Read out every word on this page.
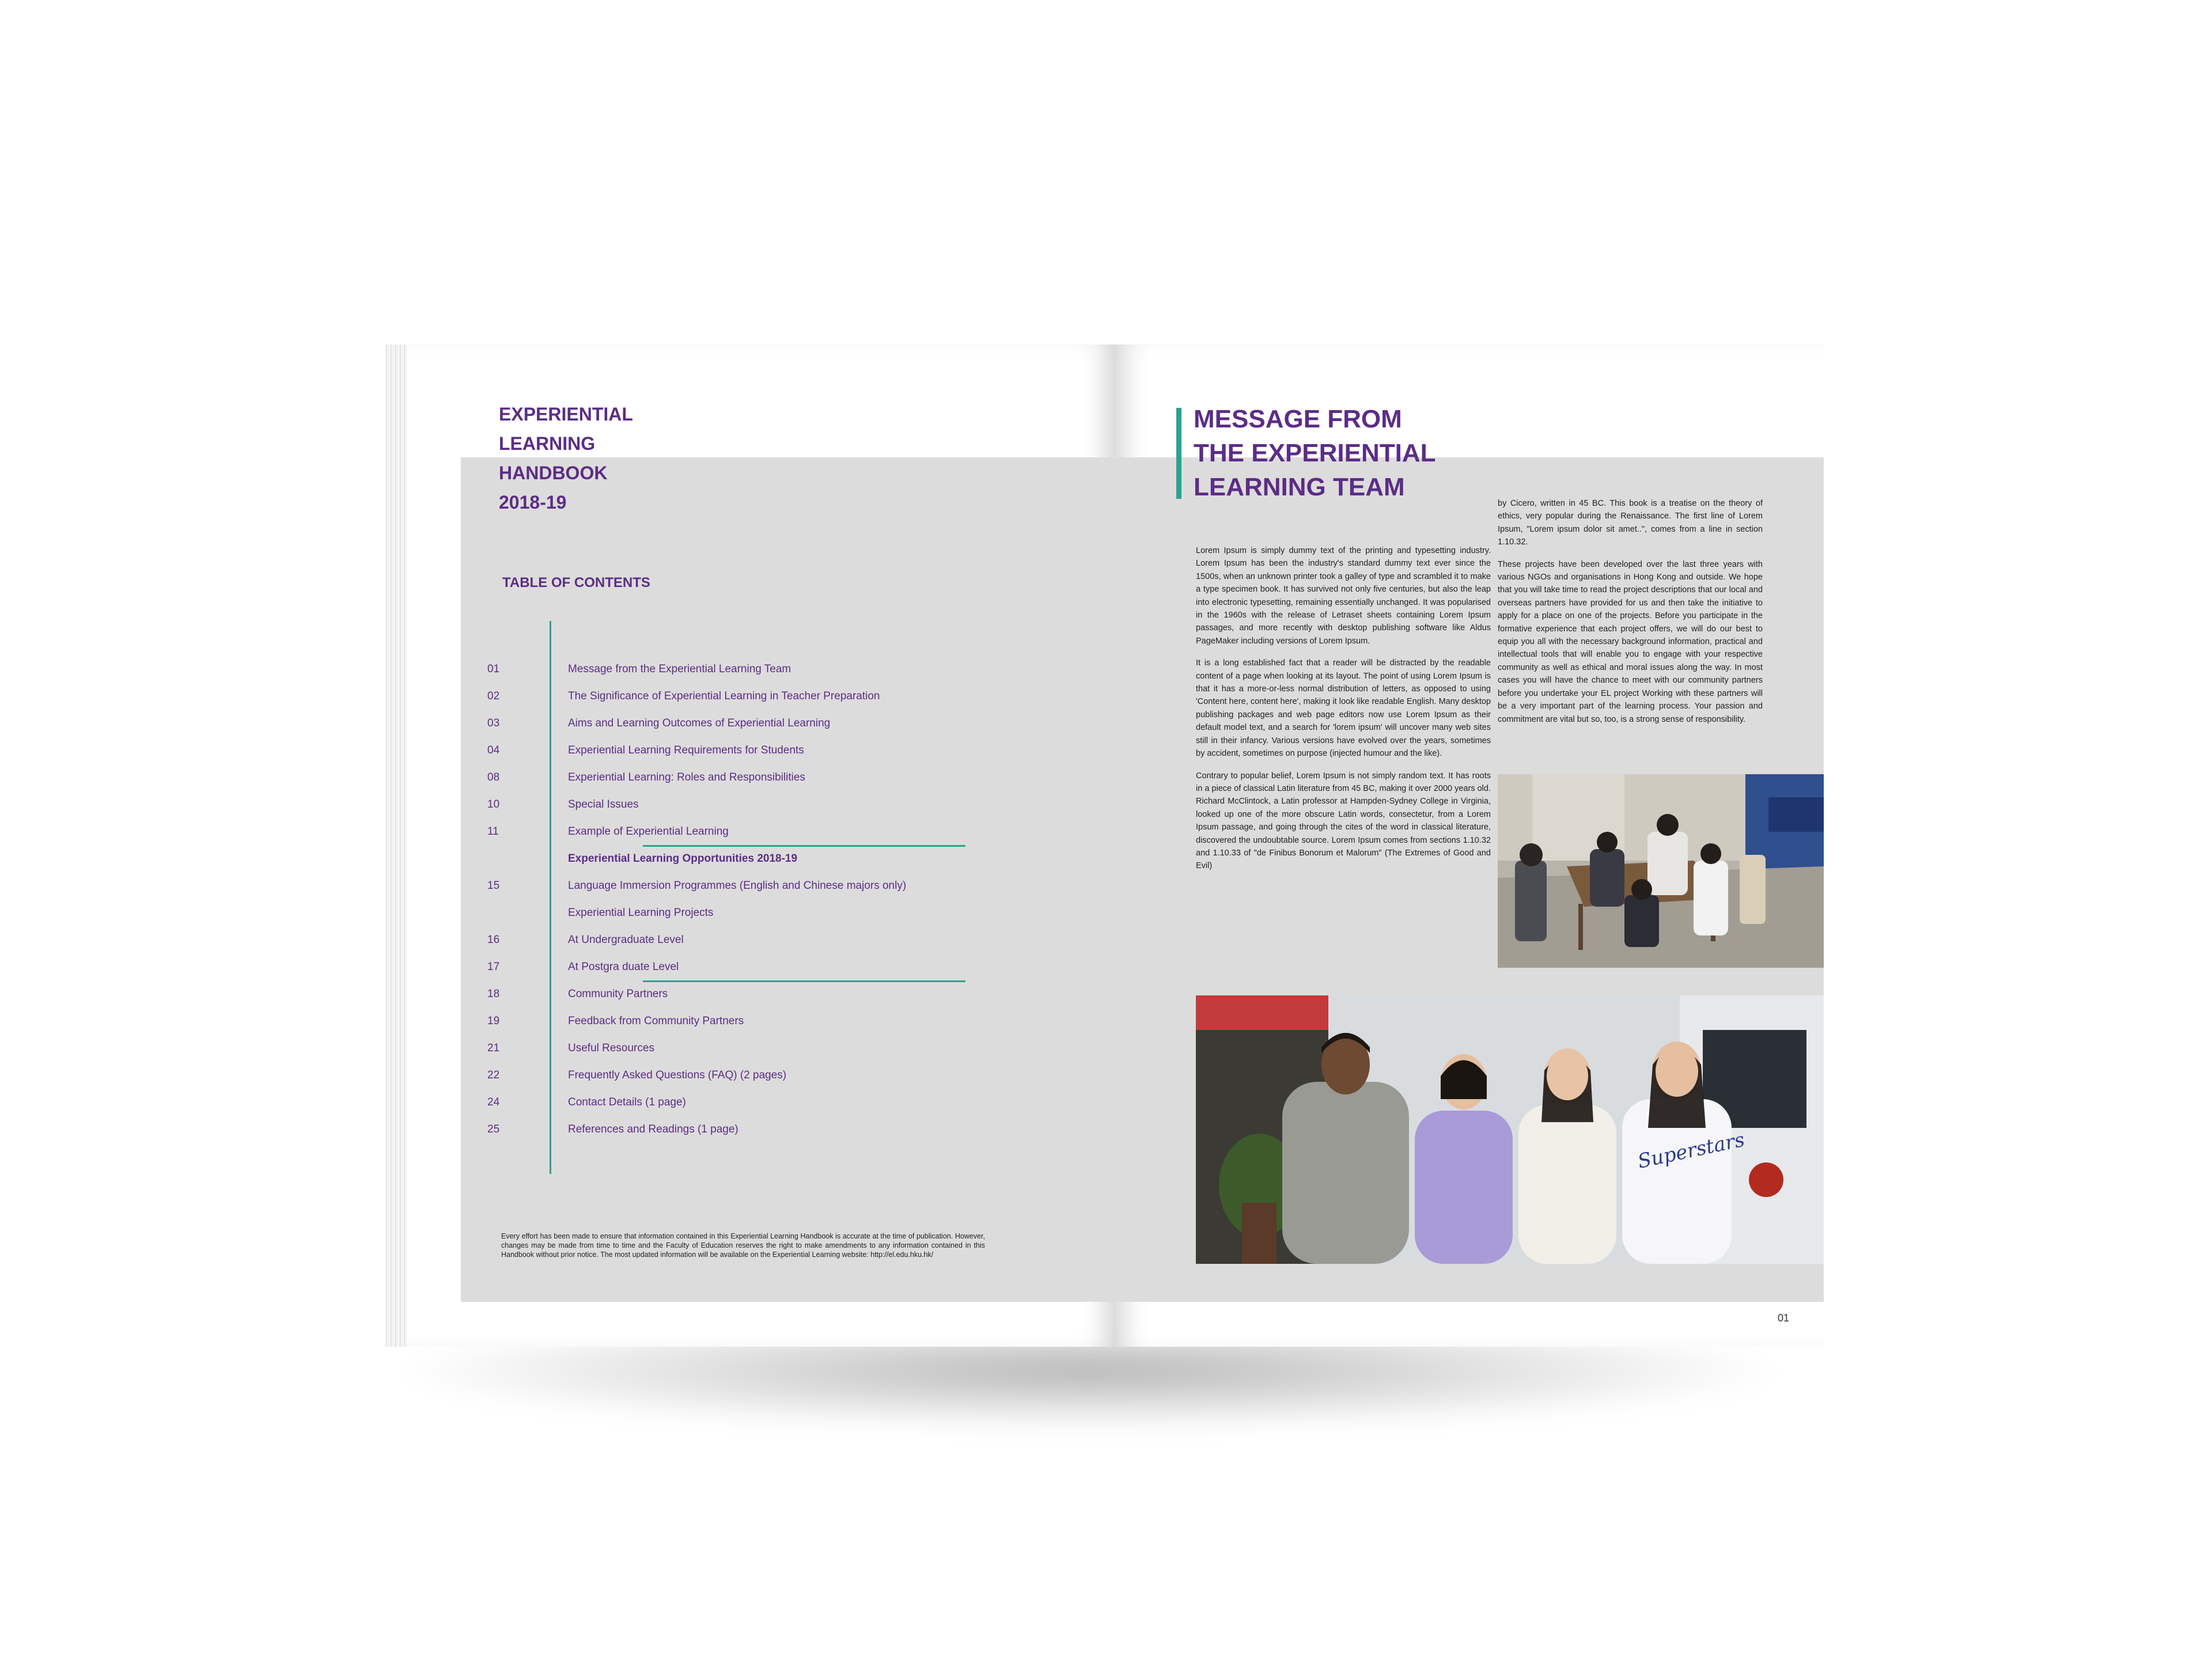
EXPERIENTIAL
LEARNING
HANDBOOK
2018-19
TABLE OF CONTENTS
01	Message from the Experiential Learning Team
02	The Significance of Experiential Learning in Teacher Preparation
03	Aims and Learning Outcomes of Experiential Learning
04	Experiential Learning Requirements for Students
08	Experiential Learning: Roles and Responsibilities
10	Special Issues
11	Example of Experiential Learning
Experiential Learning Opportunities 2018-19
15	Language Immersion Programmes (English and Chinese majors only)
Experiential Learning Projects
16	At Undergraduate Level
17	At Postgra duate Level
18	Community Partners
19	Feedback from Community Partners
21	Useful Resources
22	Frequently Asked Questions (FAQ) (2 pages)
24	Contact Details (1 page)
25	References and Readings (1 page)
Every effort has been made to ensure that information contained in this Experiential Learning Handbook is accurate at the time of publication. However, changes may be made from time to time and the Faculty of Education reserves the right to make amendments to any information contained in this Handbook without prior notice. The most updated information will be available on the Experiential Learning website: http://el.edu.hku.hk/
MESSAGE FROM
THE EXPERIENTIAL
LEARNING TEAM

Lorem Ipsum is simply dummy text of the printing and typesetting industry. Lorem Ipsum has been the industry's standard dummy text ever since the 1500s, when an unknown printer took a galley of type and scrambled it to make a type specimen book. It has survived not only five centuries, but also the leap into electronic typesetting, remaining essentially unchanged. It was popularised in the 1960s with the release of Letraset sheets containing Lorem Ipsum passages, and more recently with desktop publishing software like Aldus PageMaker including versions of Lorem Ipsum.

It is a long established fact that a reader will be distracted by the readable content of a page when looking at its layout. The point of using Lorem Ipsum is that it has a more-or-less normal distribution of letters, as opposed to using 'Content here, content here', making it look like readable English. Many desktop publishing packages and web page editors now use Lorem Ipsum as their default model text, and a search for 'lorem ipsum' will uncover many web sites still in their infancy. Various versions have evolved over the years, sometimes by accident, sometimes on purpose (injected humour and the like).

Contrary to popular belief, Lorem Ipsum is not simply random text. It has roots in a piece of classical Latin literature from 45 BC, making it over 2000 years old. Richard McClintock, a Latin professor at Hampden-Sydney College in Virginia, looked up one of the more obscure Latin words, consectetur, from a Lorem Ipsum passage, and going through the cites of the word in classical literature, discovered the undoubtable source. Lorem Ipsum comes from sections 1.10.32 and 1.10.33 of "de Finibus Bonorum et Malorum" (The Extremes of Good and Evil)

by Cicero, written in 45 BC. This book is a treatise on the theory of ethics, very popular during the Renaissance. The first line of Lorem Ipsum, "Lorem ipsum dolor sit amet..", comes from a line in section 1.10.32.

These projects have been developed over the last three years with various NGOs and organisations in Hong Kong and outside. We hope that you will take time to read the project descriptions that our local and overseas partners have provided for us and then take the initiative to apply for a place on one of the projects. Before you participate in the formative experience that each project offers, we will do our best to equip you all with the necessary background information, practical and intellectual tools that will enable you to engage with your respective community as well as ethical and moral issues along the way. In most cases you will have the chance to meet with our community partners before you undertake your EL project Working with these partners will be a very important part of the learning process. Your passion and commitment are vital but so, too, is a strong sense of responsibility.

Superstars
01
